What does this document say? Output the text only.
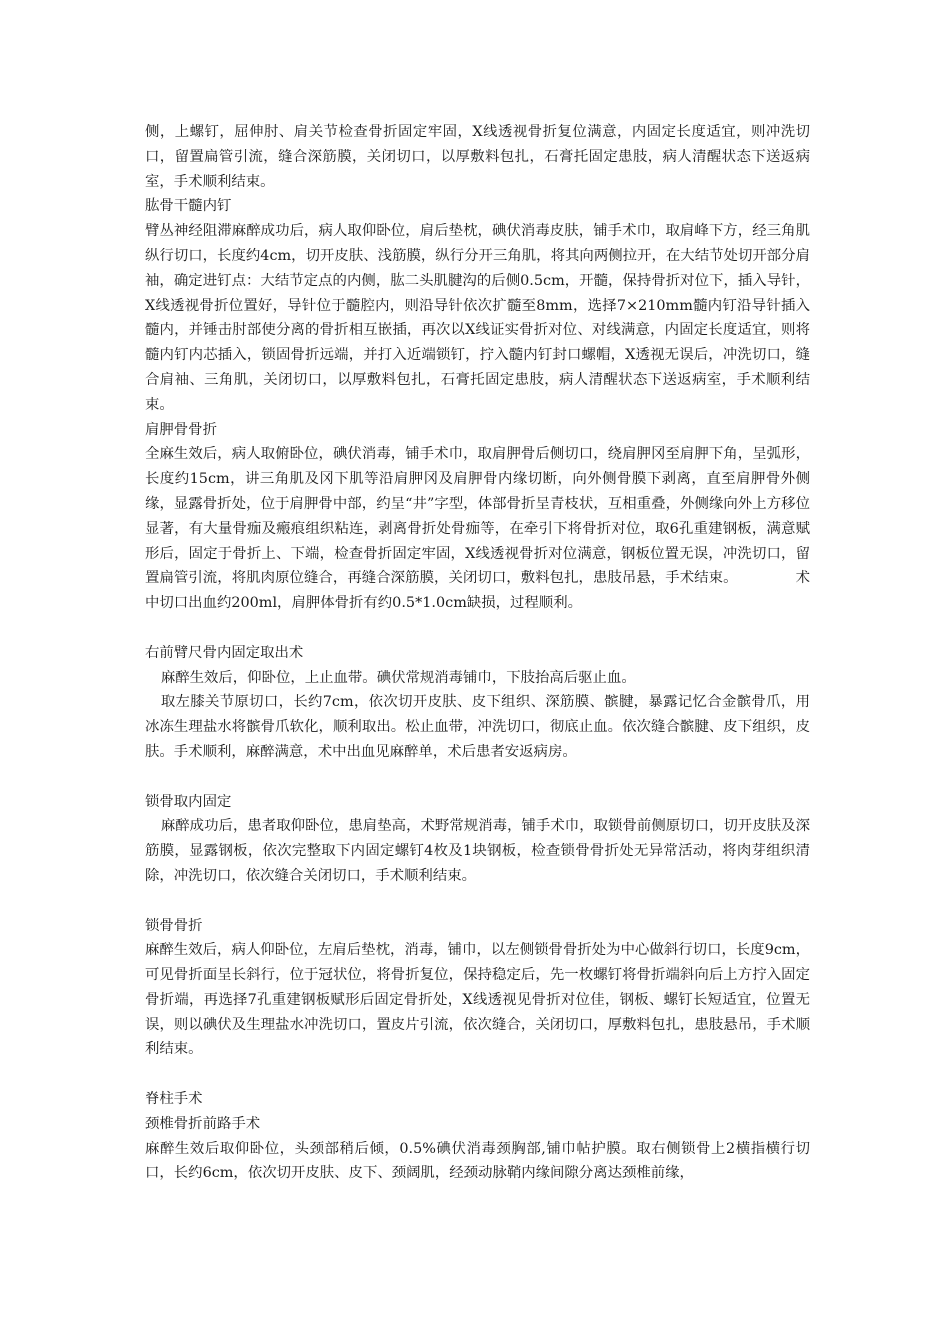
侧，上螺钉，屈伸肘、肩关节检查骨折固定牢固，X线透视骨折复位满意，内固定长度适宜，则冲洗切口，留置扁管引流，缝合深筋膜，关闭切口，以厚敷料包扎，石膏托固定患肢，病人清醒状态下送返病室，手术顺利结束。

肱骨干髓内钉

臂丛神经阻滞麻醉成功后，病人取仰卧位，肩后垫枕，碘伏消毒皮肤，铺手术巾，取肩峰下方，经三角肌纵行切口，长度约4cm，切开皮肤、浅筋膜，纵行分开三角肌，将其向两侧拉开，在大结节处切开部分肩袖，确定进钉点：大结节定点的内侧，肱二头肌腱沟的后侧0.5cm，开髓，保持骨折对位下，插入导针，X线透视骨折位置好，导针位于髓腔内，则沿导针依次扩髓至8mm，选择7×210mm髓内钉沿导针插入髓内，并锤击肘部使分离的骨折相互嵌插，再次以X线证实骨折对位、对线满意，内固定长度适宜，则将髓内钉内芯插入，锁固骨折远端，并打入近端锁钉，拧入髓内钉封口螺帽，X透视无误后，冲洗切口，缝合肩袖、三角肌，关闭切口，以厚敷料包扎，石膏托固定患肢，病人清醒状态下送返病室，手术顺利结束。

肩胛骨骨折

全麻生效后，病人取俯卧位，碘伏消毒，铺手术巾，取肩胛骨后侧切口，绕肩胛冈至肩胛下角，呈弧形，长度约15cm，讲三角肌及冈下肌等沿肩胛冈及肩胛骨内缘切断，向外侧骨膜下剥离，直至肩胛骨外侧缘，显露骨折处，位于肩胛骨中部，约呈“井”字型，体部骨折呈青枝状，互相重叠，外侧缘向外上方移位显著，有大量骨痂及瘢痕组织粘连，剥离骨折处骨痂等，在牵引下将骨折对位，取6孔重建钢板，满意赋形后，固定于骨折上、下端，检查骨折固定牢固，X线透视骨折对位满意，钢板位置无误，冲洗切口，留置扁管引流，将肌肉原位缝合，再缝合深筋膜，关闭切口，敷料包扎，患肢吊悬，手术结束。	术中切口出血约200ml，肩胛体骨折有约0.5*1.0cm缺损，过程顺利。

右前臂尺骨内固定取出术

麻醉生效后，仰卧位，上止血带。碘伏常规消毒铺巾，下肢抬高后驱止血。

取左膝关节原切口，长约7cm，依次切开皮肤、皮下组织、深筋膜、髌腱，暴露记忆合金髌骨爪，用冰冻生理盐水将髌骨爪软化，顺利取出。松止血带，冲洗切口，彻底止血。依次缝合髌腱、皮下组织，皮肤。手术顺利，麻醉满意，术中出血见麻醉单，术后患者安返病房。

锁骨取内固定

麻醉成功后，患者取仰卧位，患肩垫高，术野常规消毒，铺手术巾，取锁骨前侧原切口，切开皮肤及深筋膜，显露钢板，依次完整取下内固定螺钉4枚及1块钢板，检查锁骨骨折处无异常活动，将肉芽组织清除，冲洗切口，依次缝合关闭切口，手术顺利结束。

锁骨骨折

麻醉生效后，病人仰卧位，左肩后垫枕，消毒，铺巾，以左侧锁骨骨折处为中心做斜行切口，长度9cm，可见骨折面呈长斜行，位于冠状位，将骨折复位，保持稳定后，先一枚螺钉将骨折端斜向后上方拧入固定骨折端，再选择7孔重建钢板赋形后固定骨折处，X线透视见骨折对位佳，钢板、螺钉长短适宜，位置无误，则以碘伏及生理盐水冲洗切口，置皮片引流，依次缝合，关闭切口，厚敷料包扎，患肢悬吊，手术顺利结束。

脊柱手术

颈椎骨折前路手术

麻醉生效后取仰卧位，头颈部稍后倾，0.5%碘伏消毒颈胸部,铺巾帖护膜。取右侧锁骨上2横指横行切口，长约6cm，依次切开皮肤、皮下、颈阔肌，经颈动脉鞘内缘间隙分离达颈椎前缘，
